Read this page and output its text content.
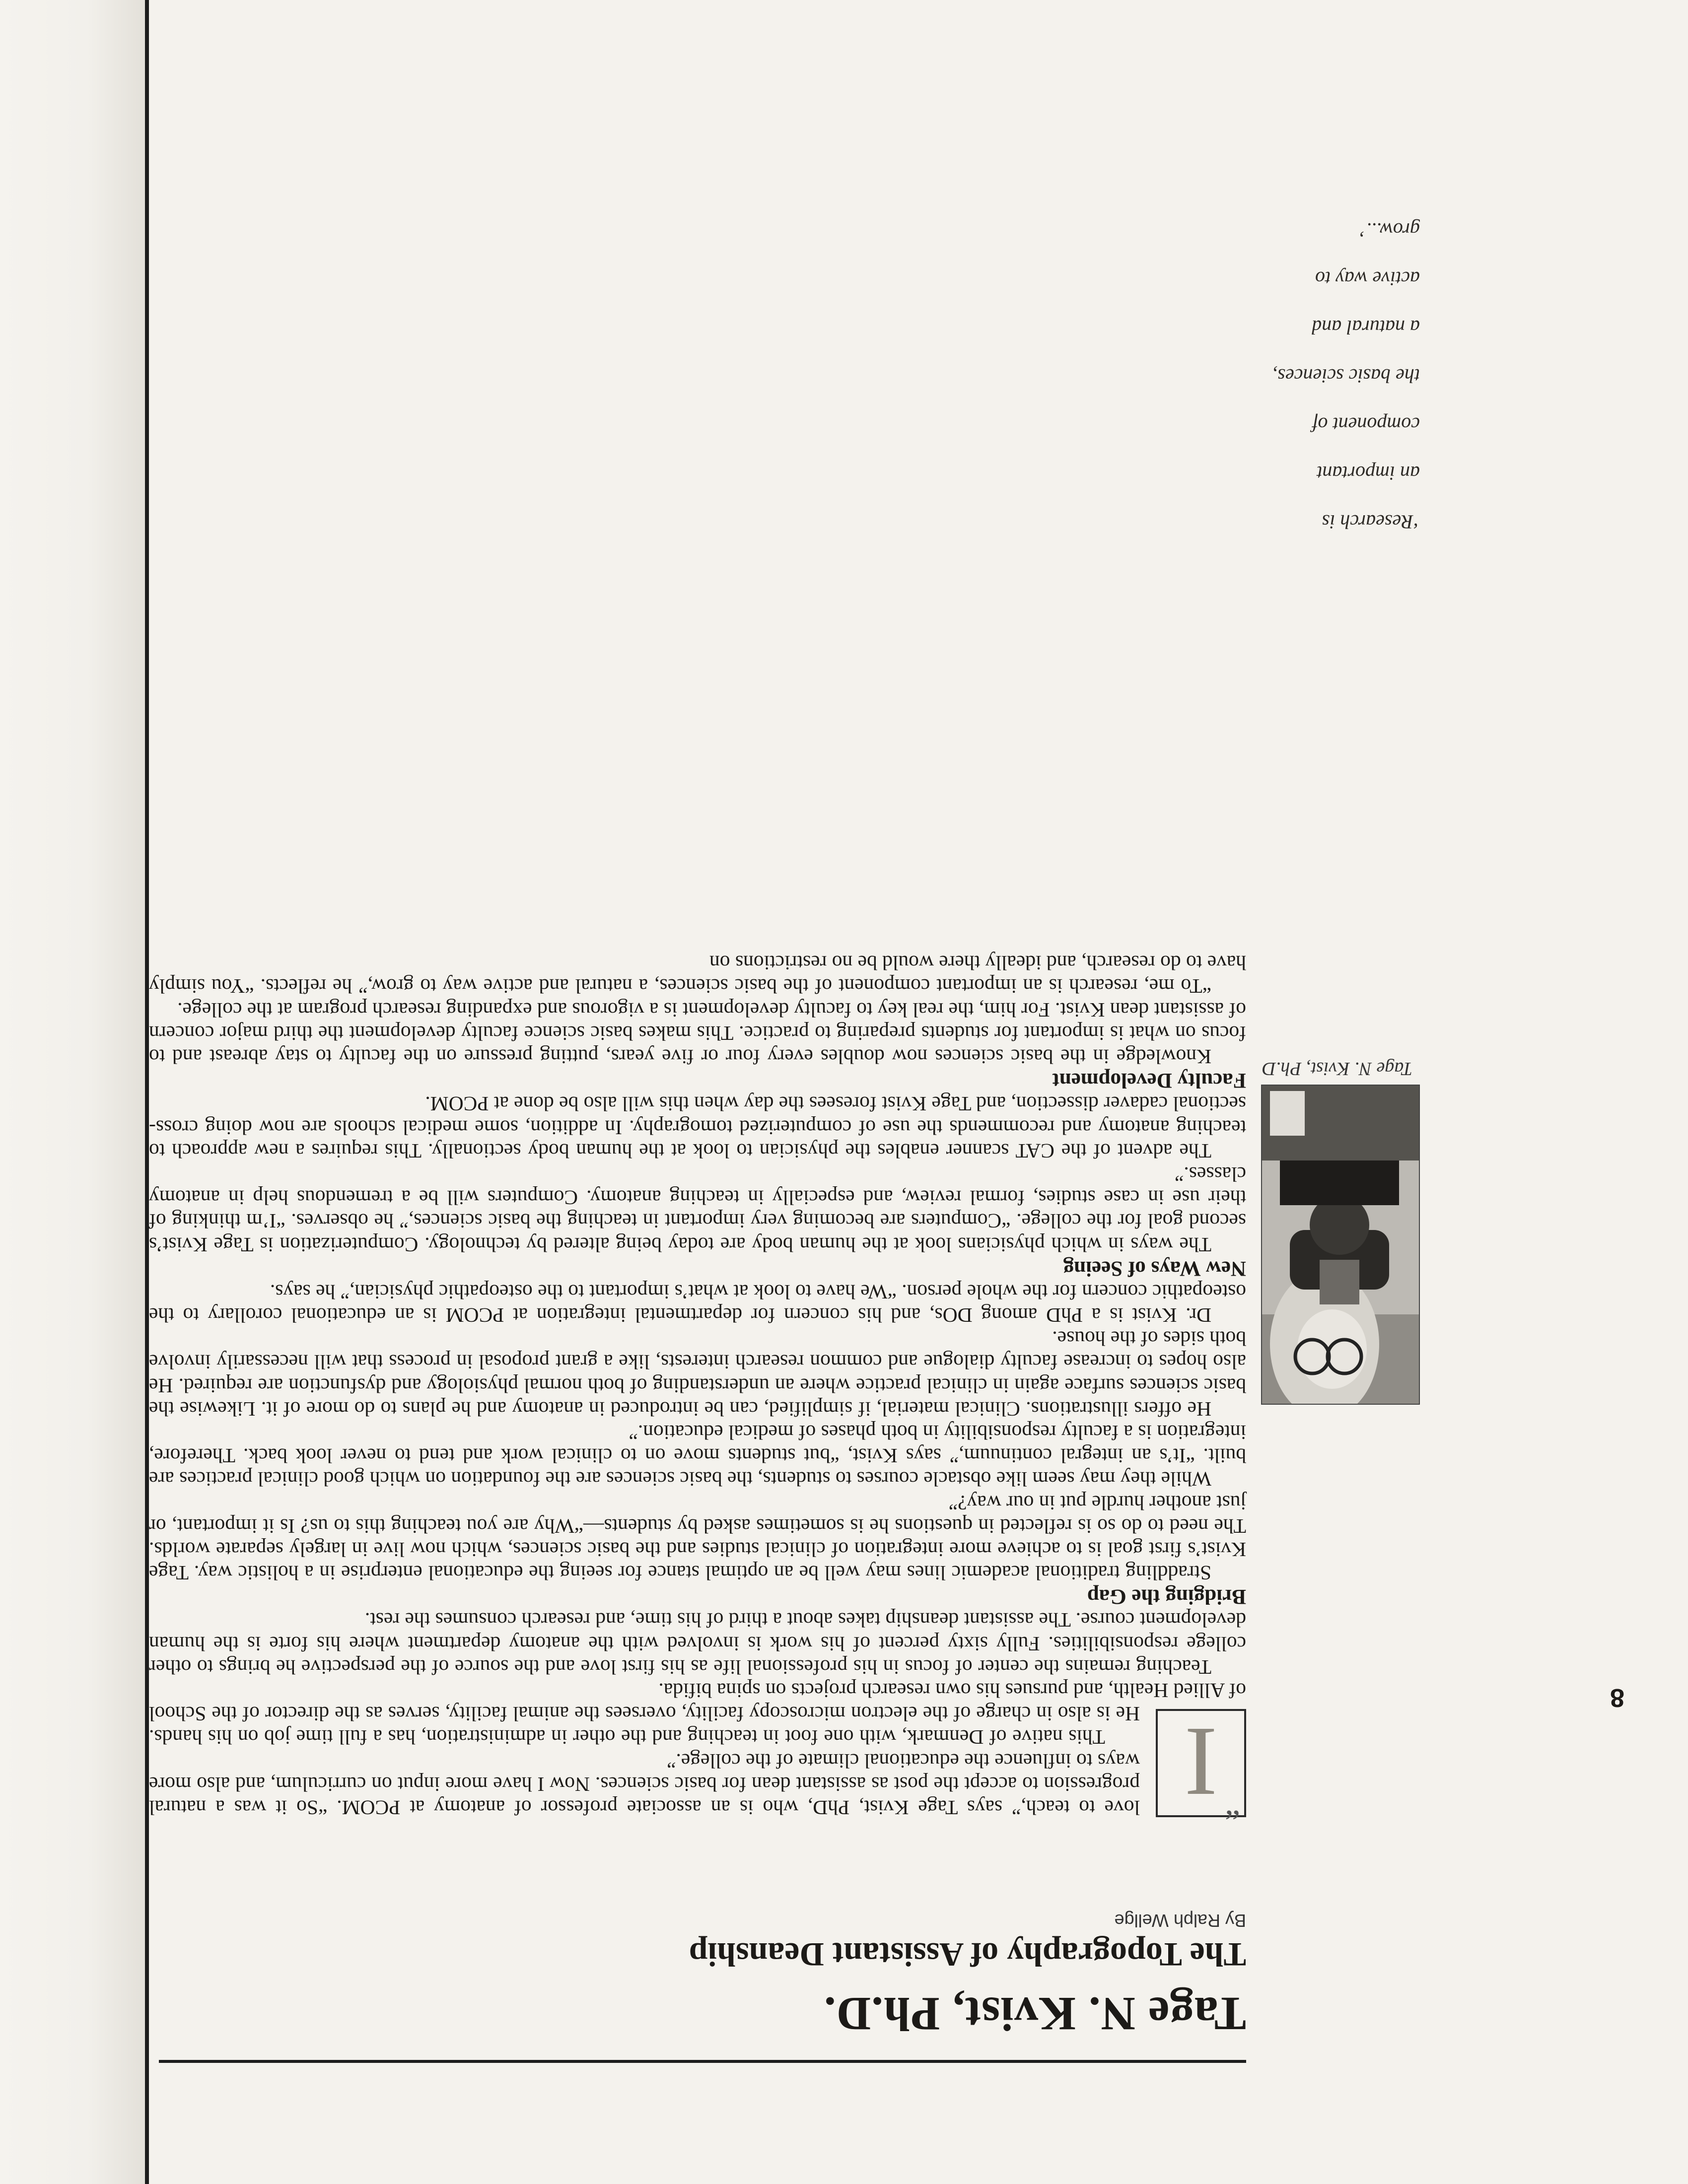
Tage N. Kvist, Ph.D.
The Topography of Assistant Deanship
By Ralph Wellge
“
I

love to teach,” says Tage Kvist, PhD, who is an associate professor of anatomy at PCOM. “So it was a natural progression to accept the post as assistant dean for basic sciences. Now I have more input on curriculum, and also more ways to influence the educational climate of the college.”

This native of Denmark, with one foot in teaching and the other in administration, has a full time job on his hands. He is also in charge of the electron microscopy facility, oversees the animal facility, serves as the director of the School of Allied Health, and pursues his own research projects on spina bifida.

Teaching remains the center of focus in his professional life as his first love and the source of the perspective he brings to other college responsibilities. Fully sixty percent of his work is involved with the anatomy department where his forte is the human development course. The assistant deanship takes about a third of his time, and research consumes the rest.

Bridging the Gap

Straddling traditional academic lines may well be an optimal stance for seeing the educational enterprise in a holistic way. Tage Kvist’s first goal is to achieve more integration of clinical studies and the basic sciences, which now live in largely separate worlds. The need to do so is reflected in questions he is sometimes asked by students—“Why are you teaching this to us? Is it important, or just another hurdle put in our way?”

While they may seem like obstacle courses to students, the basic sciences are the foundation on which good clinical practices are built. “It’s an integral continuum,” says Kvist, “but students move on to clinical work and tend to never look back. Therefore, integration is a faculty responsibility in both phases of medical education.”

He offers illustrations. Clinical material, if simplified, can be introduced in anatomy and he plans to do more of it. Likewise the basic sciences surface again in clinical practice where an understanding of both normal physiology and dysfunction are required. He also hopes to increase faculty dialogue and common research interests, like a grant proposal in process that will necessarily involve both sides of the house.

Dr. Kvist is a PhD among DOs, and his concern for departmental integration at PCOM is an educational corollary to the osteopathic concern for the whole person. “We have to look at what’s important to the osteopathic physician,” he says.

New Ways of Seeing

The ways in which physicians look at the human body are today being altered by technology. Computerization is Tage Kvist’s second goal for the college. “Computers are becoming very important in teaching the basic sciences,” he observes. “I’m thinking of their use in case studies, formal review, and especially in teaching anatomy. Computers will be a tremendous help in anatomy classes.”

The advent of the CAT scanner enables the physician to look at the human body sectionally. This requires a new approach to teaching anatomy and recommends the use of computerized tomography. In addition, some medical schools are now doing cross-sectional cadaver dissection, and Tage Kvist foresees the day when this will also be done at PCOM.

Faculty Development

Knowledge in the basic sciences now doubles every four or five years, putting pressure on the faculty to stay abreast and to focus on what is important for students preparing to practice. This makes basic science faculty development the third major concern of assistant dean Kvist. For him, the real key to faculty development is a vigorous and expanding research program at the college.

“To me, research is an important component of the basic sciences, a natural and active way to grow,” he reflects. “You simply have to do research, and ideally there would be no restrictions on

Tage N. Kvist, Ph.D
‘Research is
an important
component of
the basic sciences,
a natural and
active way to grow...’
8
